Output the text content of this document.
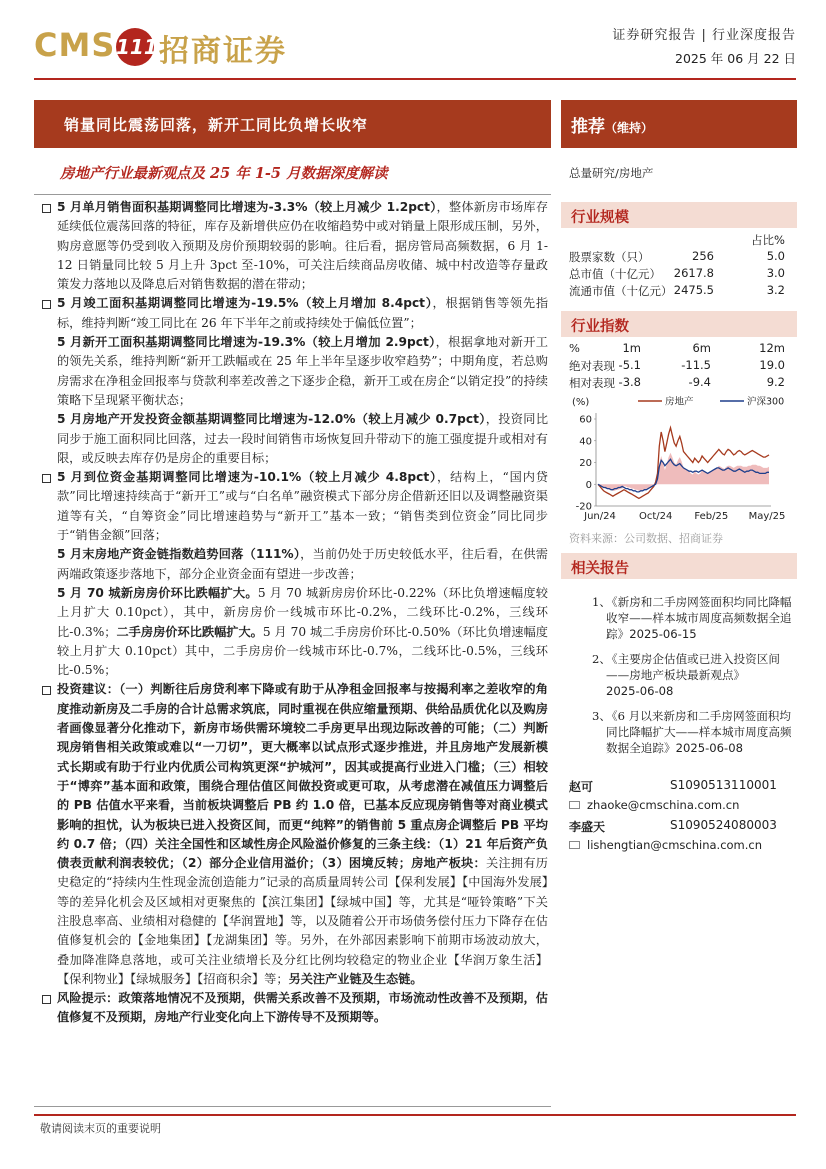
CMS 111 招商证券	证券研究报告 | 行业深度报告
2025 年 06 月 22 日
销量同比震荡回落，新开工同比负增长收窄
房地产行业最新观点及 25 年 1-5 月数据深度解读

5 月单月销售面积基期调整同比增速为-3.3%（较上月减少 1.2pct），整体新房市场库存延续低位震荡回落的特征，库存及新增供应仍在收缩趋势中或对销量上限形成压制，另外，购房意愿等仍受到收入预期及房价预期较弱的影响。往后看，据房管局高频数据，6 月 1-12 日销量同比较 5 月上升 3pct 至-10%，可关注后续商品房收储、城中村改造等存量政策发力落地以及降息后对销售数据的潜在带动；

5 月竣工面积基期调整同比增速为-19.5%（较上月增加 8.4pct），根据销售等领先指标，维持判断“竣工同比在 26 年下半年之前或持续处于偏低位置”；

5 月新开工面积基期调整同比增速为-19.3%（较上月增加 2.9pct），根据拿地对新开工的领先关系，维持判断“新开工跌幅或在 25 年上半年呈逐步收窄趋势”；中期角度，若总购房需求在净租金回报率与贷款利率差改善之下逐步企稳，新开工或在房企“以销定投”的持续策略下呈现紧平衡状态；

5 月房地产开发投资金额基期调整同比增速为-12.0%（较上月减少 0.7pct），投资同比同步于施工面积同比回落，过去一段时间销售市场恢复回升带动下的施工强度提升或相对有限，或反映去库存仍是房企的重要目标；

5 月到位资金基期调整同比增速为-10.1%（较上月减少 4.8pct），结构上，“国内贷款”同比增速持续高于“新开工”或与“白名单”融资模式下部分房企借新还旧以及调整融资渠道等有关，“自筹资金”同比增速趋势与“新开工”基本一致；“销售类到位资金”同比同步于“销售金额”回落；

5 月末房地产资金链指数趋势回落（111%），当前仍处于历史较低水平，往后看，在供需两端政策逐步落地下，部分企业资金面有望进一步改善；

5 月 70 城新房房价环比跌幅扩大。5 月 70 城新房房价环比-0.22%（环比负增速幅度较上月扩大 0.10pct），其中，新房房价一线城市环比-0.2%，二线环比-0.2%，三线环比-0.3%；二手房房价环比跌幅扩大。5 月 70 城二手房房价环比-0.50%（环比负增速幅度较上月扩大 0.10pct）其中，二手房房价一线城市环比-0.7%，二线环比-0.5%，三线环比-0.5%；

投资建议：（一）判断往后房贷利率下降或有助于从净租金回报率与按揭利率之差收窄的角度推动新房及二手房的合计总需求筑底，同时重视在供应缩量预期、供给品质优化以及购房者画像显著分化推动下，新房市场供需环境较二手房更早出现边际改善的可能；（二）判断现房销售相关政策或难以“一刀切”，更大概率以试点形式逐步推进，并且房地产发展新模式长期或有助于行业内优质公司构筑更深“护城河”，因其或提高行业进入门槛；（三）相较于“博弈”基本面和政策，围绕合理估值区间做投资或更可取，从考虑潜在减值压力调整后的 PB 估值水平来看，当前板块调整后 PB 约 1.0 倍，已基本反应现房销售等对商业模式影响的担忧，认为板块已进入投资区间，而更“纯粹”的销售前 5 重点房企调整后 PB 平均约 0.7 倍；（四）关注全国性和区域性房企风险溢价修复的三条主线：（1）21 年后资产负债表贡献利润表较优；（2）部分企业信用溢价；（3）困境反转；房地产板块：关注拥有历史稳定的“持续内生性现金流创造能力”记录的高质量周转公司【保利发展】【中国海外发展】等的差异化机会及区域相对更聚焦的【滨江集团】【绿城中国】等，尤其是“哑铃策略”下关注股息率高、业绩相对稳健的【华润置地】等，以及随着公开市场债务偿付压力下降存在估值修复机会的【金地集团】【龙湖集团】等。另外，在外部因素影响下前期市场波动放大，叠加降准降息落地，或可关注业绩增长及分红比例均较稳定的物业企业【华润万象生活】【保利物业】【绿城服务】【招商积余】等；另关注产业链及生态链。

风险提示：政策落地情况不及预期，供需关系改善不及预期，市场流动性改善不及预期，估值修复不及预期，房地产行业变化向上下游传导不及预期等。

推荐（维持）
总量研究/房地产
行业规模
占比%
股票家数（只）	256	5.0
总市值（十亿元） 2617.8	3.0
流通市值（十亿元） 2475.5	3.2
行业指数
%	1m	6m	12m
绝对表现 -5.1	-11.5	19.0
相对表现 -3.8	-9.4	9.2
(%)
60
40
20
0
-20
Jun/24 Oct/24 Feb/25 May/25
房地产	沪深300
资料来源：公司数据、招商证券
相关报告
1、
《新房和二手房网签面积均同比降幅收窄——样本城市周度高频数据全追踪》2025-06-15
2、
《主要房企估值或已进入投资区间——房地产板块最新观点》
2025-06-08
3、
《6 月以来新房和二手房网签面积均同比降幅扩大——样本城市周度高频数据全追踪》2025-06-08
赵可	S1090513110001
zhaoke@cmschina.com.cn
李盛天	S1090524080003
lishengtian@cmschina.com.cn
敬请阅读末页的重要说明
